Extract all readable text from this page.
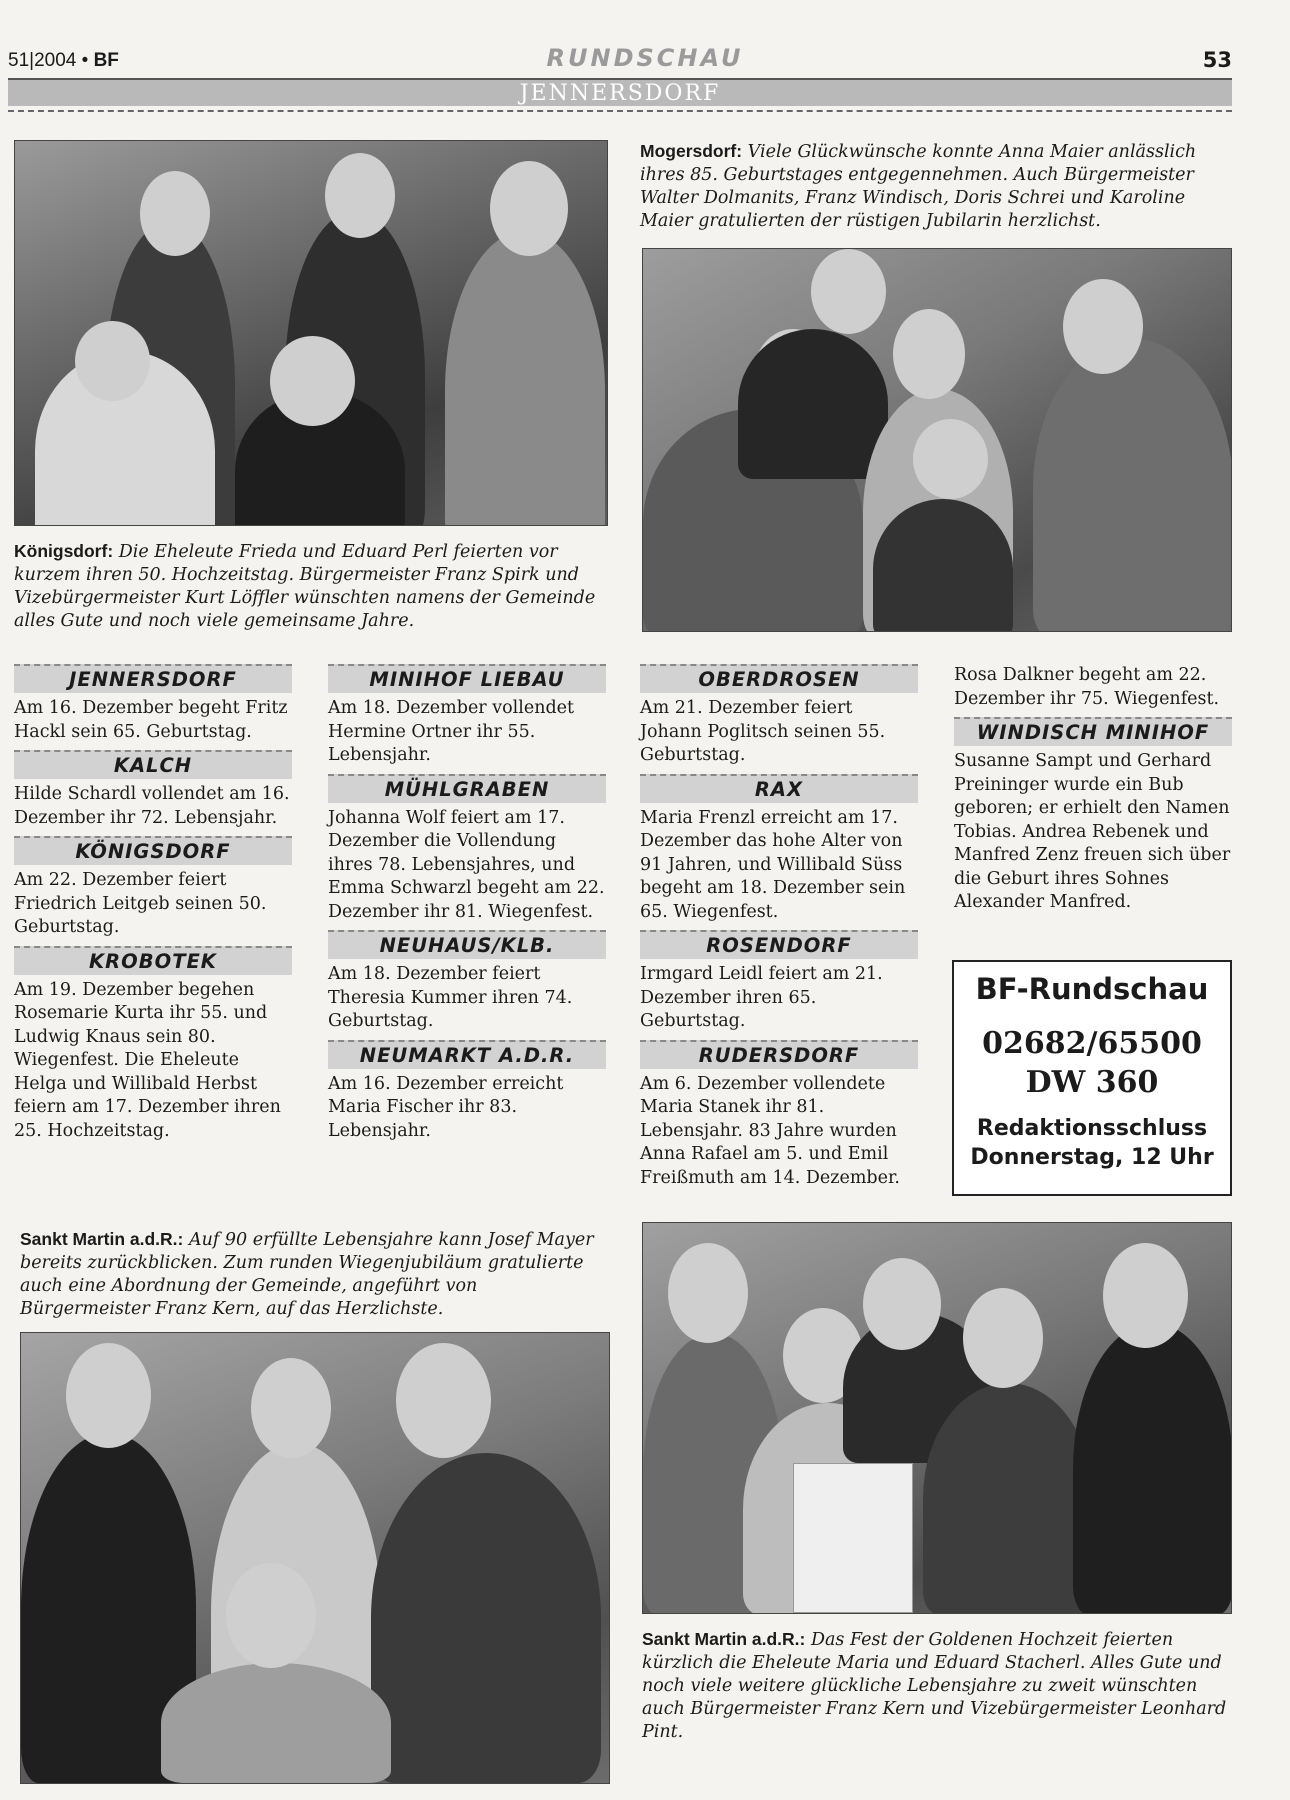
51|2004 • BF	RUNDSCHAU	53
JENNERSDORF
Königsdorf: Die Eheleute Frieda und Eduard Perl feierten vor kurzem ihren 50. Hochzeitstag. Bürgermeister Franz Spirk und Vizebürgermeister Kurt Löffler wünschten namens der Gemeinde alles Gute und noch viele gemeinsame Jahre.
Mogersdorf: Viele Glückwünsche konnte Anna Maier anlässlich ihres 85. Geburtstages entgegennehmen. Auch Bürgermeister Walter Dolmanits, Franz Windisch, Doris Schrei und Karoline Maier gratulierten der rüstigen Jubilarin herzlichst.
JENNERSDORF
Am 16. Dezember begeht Fritz Hackl sein 65. Geburtstag.
KALCH
Hilde Schardl vollendet am 16. Dezember ihr 72. Lebensjahr.
KÖNIGSDORF
Am 22. Dezember feiert Friedrich Leitgeb seinen 50. Geburtstag.
KROBOTEK
Am 19. Dezember begehen Rosemarie Kurta ihr 55. und Ludwig Knaus sein 80. Wiegenfest. Die Eheleute Helga und Willibald Herbst feiern am 17. Dezember ihren 25. Hochzeitstag.
MINIHOF LIEBAU
Am 18. Dezember vollendet Hermine Ortner ihr 55. Lebensjahr.
MÜHLGRABEN
Johanna Wolf feiert am 17. Dezember die Vollendung ihres 78. Lebensjahres, und Emma Schwarzl begeht am 22. Dezember ihr 81. Wiegenfest.
NEUHAUS/KLB.
Am 18. Dezember feiert Theresia Kummer ihren 74. Geburtstag.
NEUMARKT A.D.R.
Am 16. Dezember erreicht Maria Fischer ihr 83. Lebensjahr.
OBERDROSEN
Am 21. Dezember feiert Johann Poglitsch seinen 55. Geburtstag.
RAX
Maria Frenzl erreicht am 17. Dezember das hohe Alter von 91 Jahren, und Willibald Süss begeht am 18. Dezember sein 65. Wiegenfest.
ROSENDORF
Irmgard Leidl feiert am 21. Dezember ihren 65. Geburtstag.
RUDERSDORF
Am 6. Dezember vollendete Maria Stanek ihr 81. Lebensjahr. 83 Jahre wurden Anna Rafael am 5. und Emil Freißmuth am 14. Dezember.
Rosa Dalkner begeht am 22. Dezember ihr 75. Wiegenfest.
WINDISCH MINIHOF
Susanne Sampt und Gerhard Preininger wurde ein Bub geboren; er erhielt den Namen Tobias. Andrea Rebenek und Manfred Zenz freuen sich über die Geburt ihres Sohnes Alexander Manfred.
BF-Rundschau
02682/65500
DW 360
Redaktionsschluss
Donnerstag, 12 Uhr
Sankt Martin a.d.R.: Auf 90 erfüllte Lebensjahre kann Josef Mayer bereits zurückblicken. Zum runden Wiegenjubiläum gratulierte auch eine Abordnung der Gemeinde, angeführt von Bürgermeister Franz Kern, auf das Herzlichste.
Sankt Martin a.d.R.: Das Fest der Goldenen Hochzeit feierten kürzlich die Eheleute Maria und Eduard Stacherl. Alles Gute und noch viele weitere glückliche Lebensjahre zu zweit wünschten auch Bürgermeister Franz Kern und Vizebürgermeister Leonhard Pint.
